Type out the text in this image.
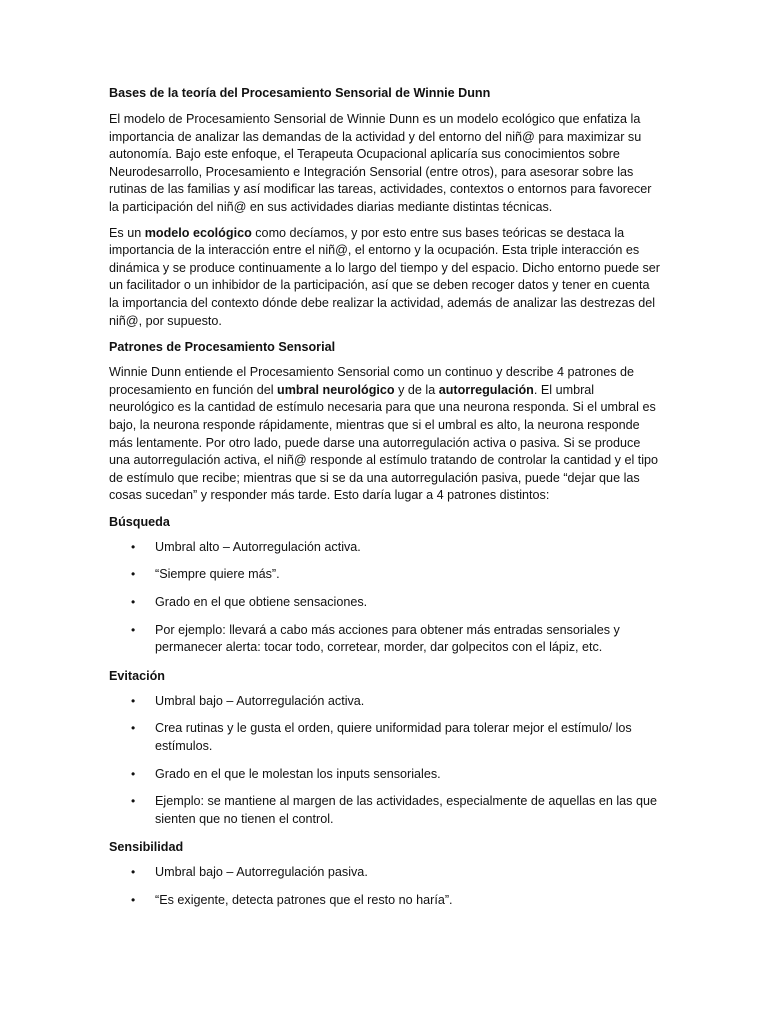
Bases de la teoría del Procesamiento Sensorial de Winnie Dunn

El modelo de Procesamiento Sensorial de Winnie Dunn es un modelo ecológico que enfatiza la importancia de analizar las demandas de la actividad y del entorno del niñ@ para maximizar su autonomía. Bajo este enfoque, el Terapeuta Ocupacional aplicaría sus conocimientos sobre Neurodesarrollo, Procesamiento e Integración Sensorial (entre otros), para asesorar sobre las rutinas de las familias y así modificar las tareas, actividades, contextos o entornos para favorecer la participación del niñ@ en sus actividades diarias mediante distintas técnicas.

Es un modelo ecológico como decíamos, y por esto entre sus bases teóricas se destaca la importancia de la interacción entre el niñ@, el entorno y la ocupación. Esta triple interacción es dinámica y se produce continuamente a lo largo del tiempo y del espacio. Dicho entorno puede ser un facilitador o un inhibidor de la participación, así que se deben recoger datos y tener en cuenta la importancia del contexto dónde debe realizar la actividad, además de analizar las destrezas del niñ@, por supuesto.

Patrones de Procesamiento Sensorial

Winnie Dunn entiende el Procesamiento Sensorial como un continuo y describe 4 patrones de procesamiento en función del umbral neurológico y de la autorregulación. El umbral neurológico es la cantidad de estímulo necesaria para que una neurona responda. Si el umbral es bajo, la neurona responde rápidamente, mientras que si el umbral es alto, la neurona responde más lentamente. Por otro lado, puede darse una autorregulación activa o pasiva. Si se produce una autorregulación activa, el niñ@ responde al estímulo tratando de controlar la cantidad y el tipo de estímulo que recibe; mientras que si se da una autorregulación pasiva, puede “dejar que las cosas sucedan” y responder más tarde. Esto daría lugar a 4 patrones distintos:

Búsqueda
• Umbral alto – Autorregulación activa.
• “Siempre quiere más”.
• Grado en el que obtiene sensaciones.
• Por ejemplo: llevará a cabo más acciones para obtener más entradas sensoriales y permanecer alerta: tocar todo, corretear, morder, dar golpecitos con el lápiz, etc.
Evitación
• Umbral bajo – Autorregulación activa.
• Crea rutinas y le gusta el orden, quiere uniformidad para tolerar mejor el estímulo/ los estímulos.
• Grado en el que le molestan los inputs sensoriales.
• Ejemplo: se mantiene al margen de las actividades, especialmente de aquellas en las que sienten que no tienen el control.
Sensibilidad
• Umbral bajo – Autorregulación pasiva.
• “Es exigente, detecta patrones que el resto no haría”.
